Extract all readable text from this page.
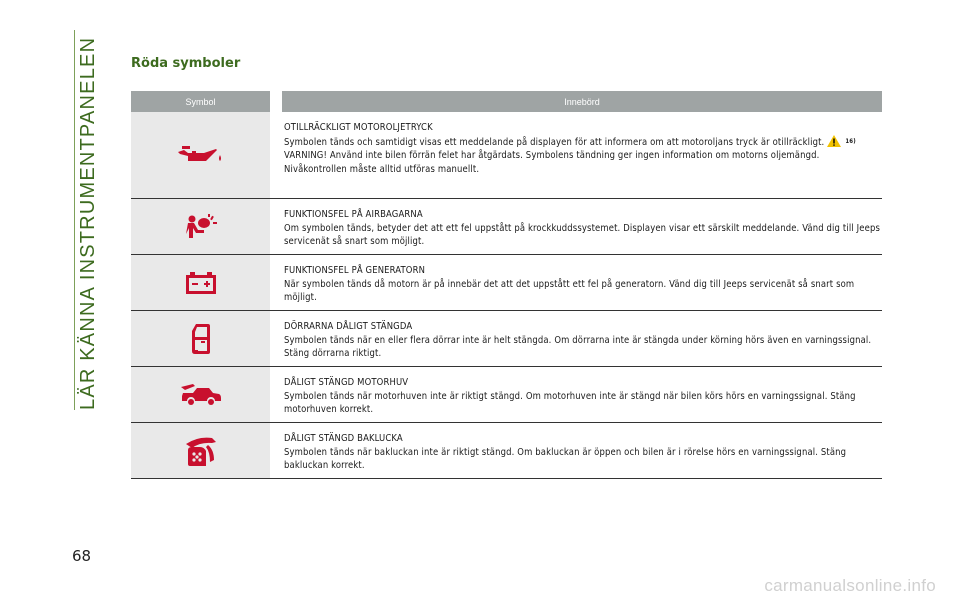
LÄR KÄNNA INSTRUMENTPANELEN
68
Röda symboler
Symbol	Innebörd
OTILLRÄCKLIGT MOTOROLJETRYCK
Symbolen tänds och samtidigt visas ett meddelande på displayen för att informera om att motoroljans tryck är otillräckligt.	$^{16)}$
VARNING! Använd inte bilen förrän felet har åtgärdats. Symbolens tändning ger ingen information om motorns oljemängd. Nivåkontrollen måste alltid utföras manuellt.
FUNKTIONSFEL PÅ AIRBAGARNA
Om symbolen tänds, betyder det att ett fel uppstått på krockkuddssystemet. Displayen visar ett särskilt meddelande. Vänd dig till Jeeps servicenät så snart som möjligt.
FUNKTIONSFEL PÅ GENERATORN
När symbolen tänds då motorn är på innebär det att det uppstått ett fel på generatorn. Vänd dig till Jeeps servicenät så snart som möjligt.
DÖRRARNA DÅLIGT STÄNGDA
Symbolen tänds när en eller flera dörrar inte är helt stängda. Om dörrarna inte är stängda under körning hörs även en varningssignal. Stäng dörrarna riktigt.
DÅLIGT STÄNGD MOTORHUV
Symbolen tänds när motorhuven inte är riktigt stängd. Om motorhuven inte är stängd när bilen körs hörs en varningssignal. Stäng motorhuven korrekt.
DÅLIGT STÄNGD BAKLUCKA
Symbolen tänds när bakluckan inte är riktigt stängd. Om bakluckan är öppen och bilen är i rörelse hörs en varningssignal. Stäng bakluckan korrekt.
carmanualsonline.info
